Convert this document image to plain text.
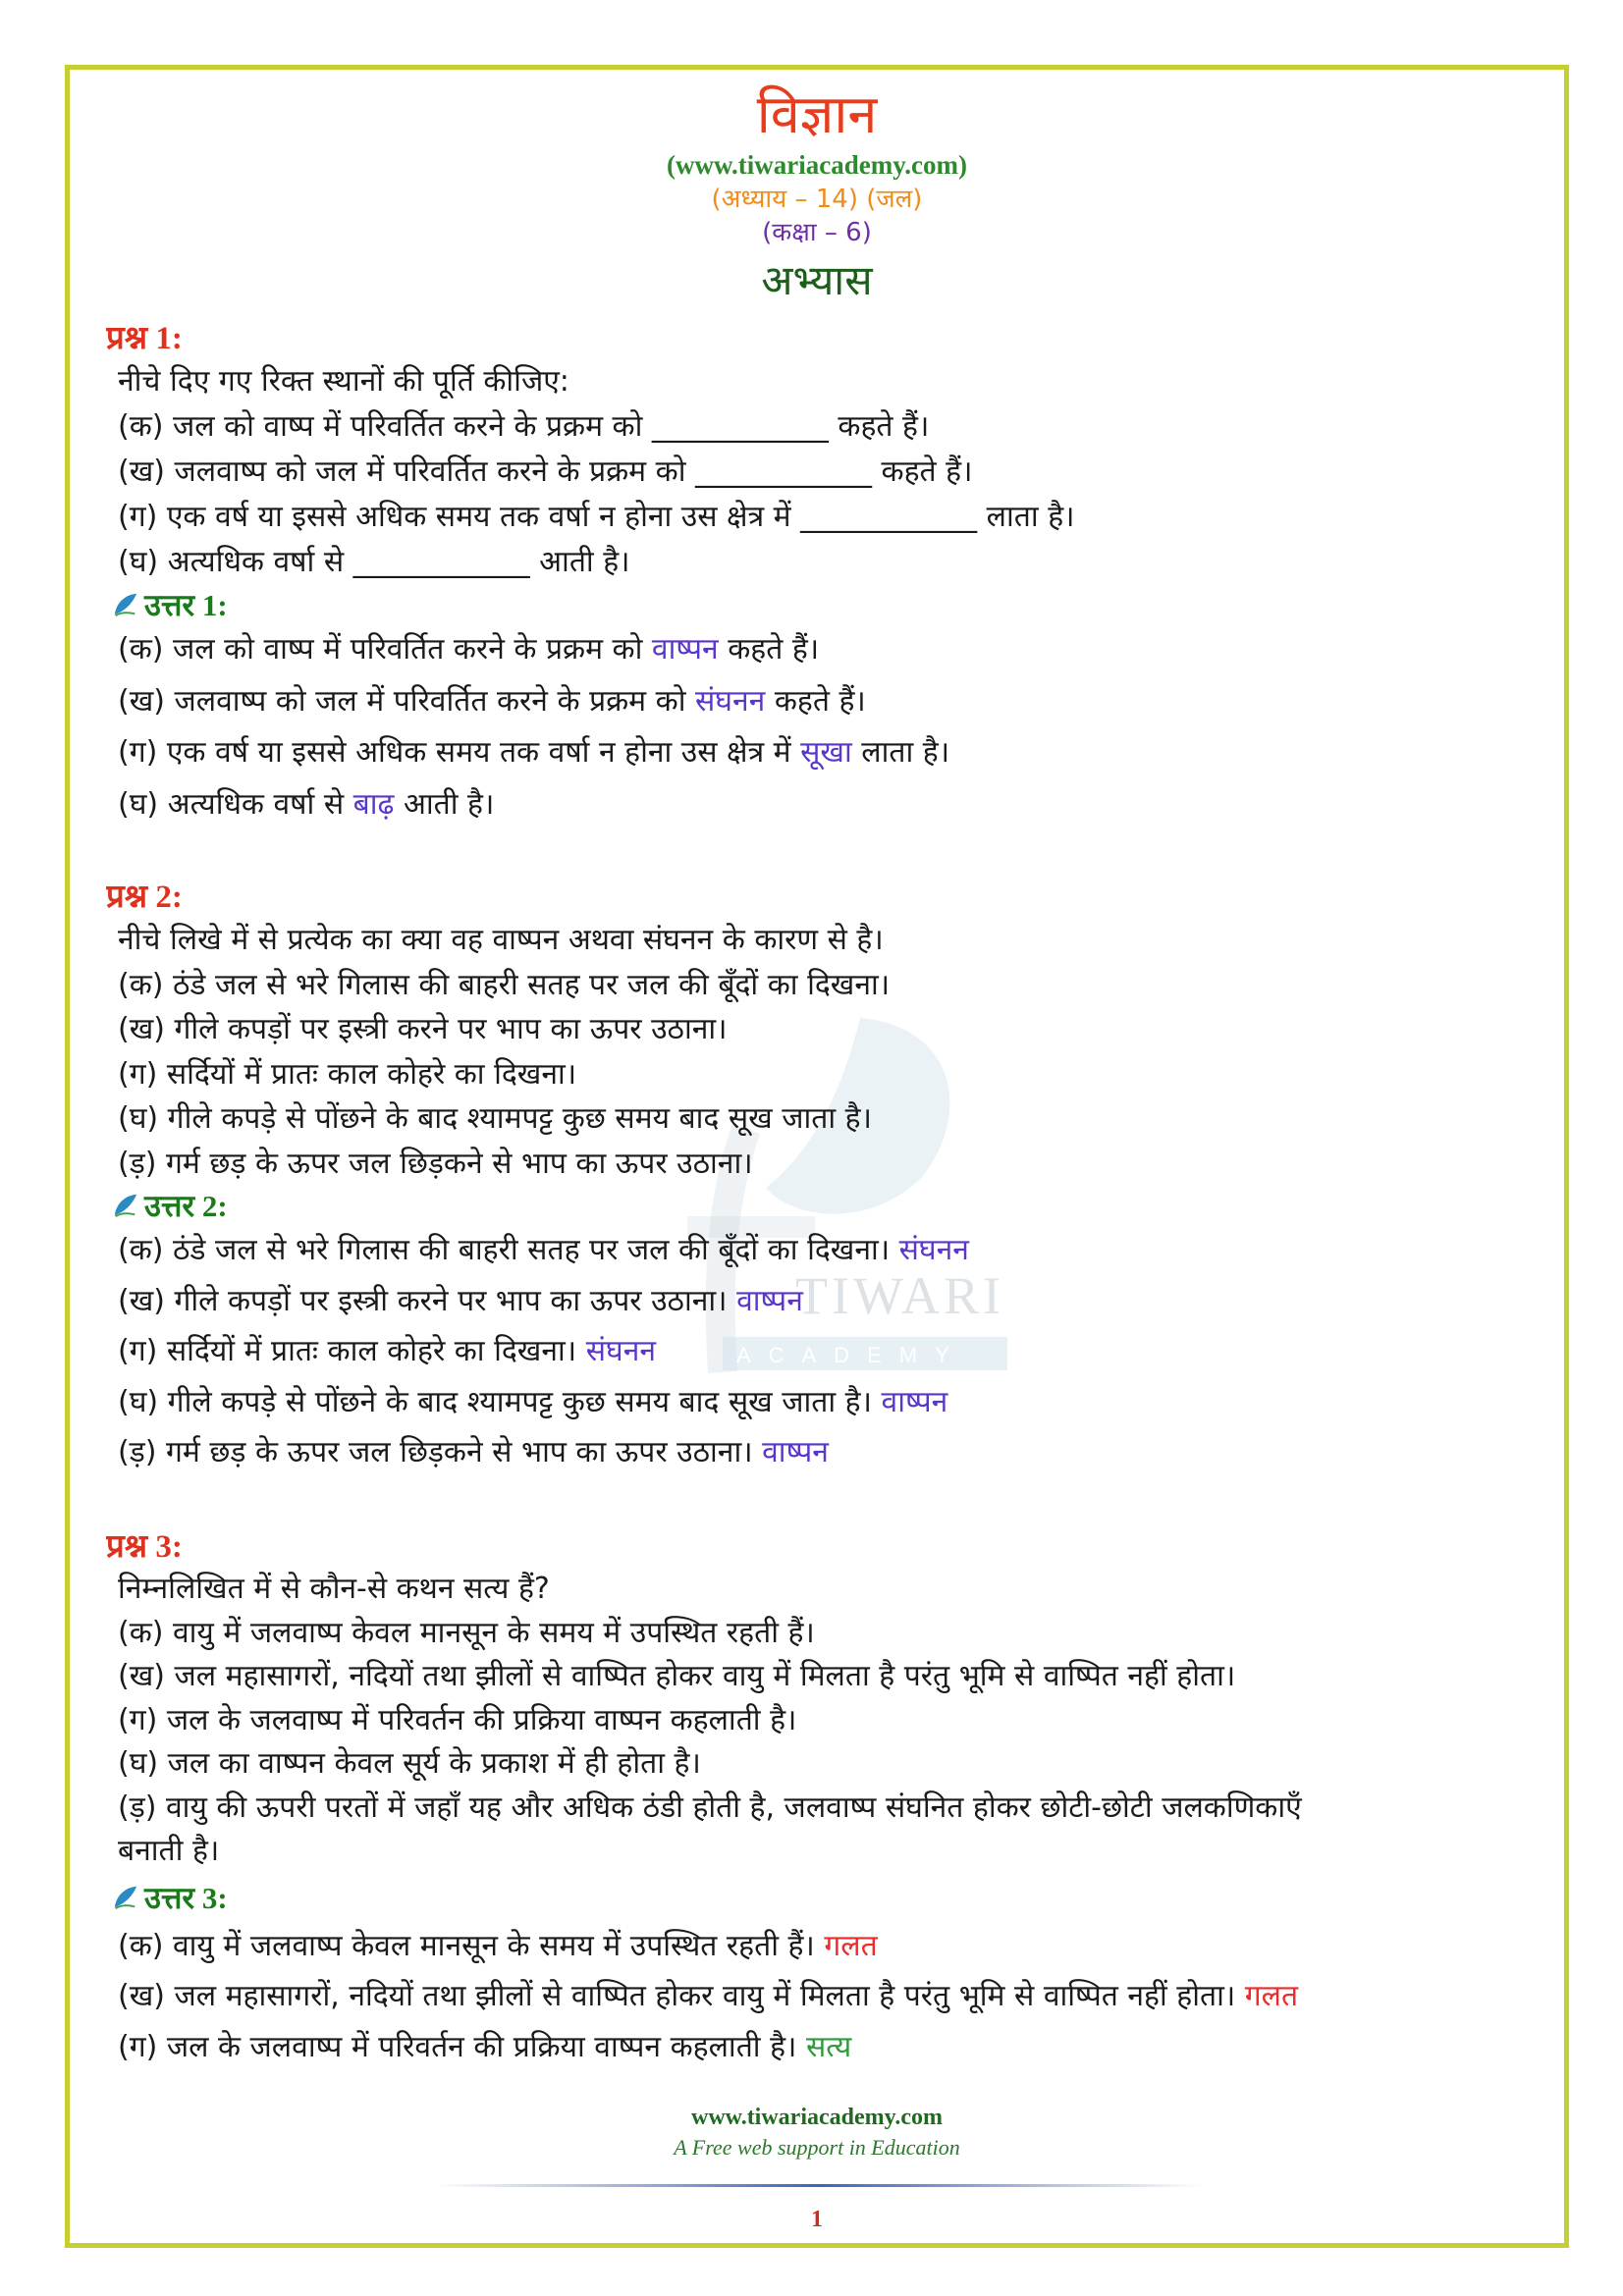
TIWARI
ACADEMY
विज्ञान
(www.tiwariacademy.com)
(अध्याय – 14) (जल)
(कक्षा – 6)
अभ्यास
प्रश्न 1:
नीचे दिए गए रिक्त स्थानों की पूर्ति कीजिए:
(क) जल को वाष्प में परिवर्तित करने के प्रक्रम को ____________ कहते हैं।
(ख) जलवाष्प को जल में परिवर्तित करने के प्रक्रम को ____________ कहते हैं।
(ग) एक वर्ष या इससे अधिक समय तक वर्षा न होना उस क्षेत्र में ____________ लाता है।
(घ) अत्यधिक वर्षा से ____________ आती है।
उत्तर 1:
(क) जल को वाष्प में परिवर्तित करने के प्रक्रम को वाष्पन कहते हैं।
(ख) जलवाष्प को जल में परिवर्तित करने के प्रक्रम को संघनन कहते हैं।
(ग) एक वर्ष या इससे अधिक समय तक वर्षा न होना उस क्षेत्र में सूखा लाता है।
(घ) अत्यधिक वर्षा से बाढ़ आती है।
प्रश्न 2:
नीचे लिखे में से प्रत्येक का क्या वह वाष्पन अथवा संघनन के कारण से है।
(क) ठंडे जल से भरे गिलास की बाहरी सतह पर जल की बूँदों का दिखना।
(ख) गीले कपड़ों पर इस्त्री करने पर भाप का ऊपर उठाना।
(ग) सर्दियों में प्रातः काल कोहरे का दिखना।
(घ) गीले कपड़े से पोंछने के बाद श्यामपट्ट कुछ समय बाद सूख जाता है।
(ड़) गर्म छड़ के ऊपर जल छिड़कने से भाप का ऊपर उठाना।
उत्तर 2:
(क) ठंडे जल से भरे गिलास की बाहरी सतह पर जल की बूँदों का दिखना। संघनन
(ख) गीले कपड़ों पर इस्त्री करने पर भाप का ऊपर उठाना। वाष्पन
(ग) सर्दियों में प्रातः काल कोहरे का दिखना। संघनन
(घ) गीले कपड़े से पोंछने के बाद श्यामपट्ट कुछ समय बाद सूख जाता है। वाष्पन
(ड़) गर्म छड़ के ऊपर जल छिड़कने से भाप का ऊपर उठाना। वाष्पन
प्रश्न 3:
निम्नलिखित में से कौन-से कथन सत्य हैं?
(क) वायु में जलवाष्प केवल मानसून के समय में उपस्थित रहती हैं।
(ख) जल महासागरों, नदियों तथा झीलों से वाष्पित होकर वायु में मिलता है परंतु भूमि से वाष्पित नहीं होता।
(ग) जल के जलवाष्प में परिवर्तन की प्रक्रिया वाष्पन कहलाती है।
(घ) जल का वाष्पन केवल सूर्य के प्रकाश में ही होता है।
(ड़) वायु की ऊपरी परतों में जहाँ यह और अधिक ठंडी होती है, जलवाष्प संघनित होकर छोटी-छोटी जलकणिकाएँ
बनाती है।
उत्तर 3:
(क) वायु में जलवाष्प केवल मानसून के समय में उपस्थित रहती हैं। गलत
(ख) जल महासागरों, नदियों तथा झीलों से वाष्पित होकर वायु में मिलता है परंतु भूमि से वाष्पित नहीं होता। गलत
(ग) जल के जलवाष्प में परिवर्तन की प्रक्रिया वाष्पन कहलाती है। सत्य
www.tiwariacademy.com
A Free web support in Education
1
